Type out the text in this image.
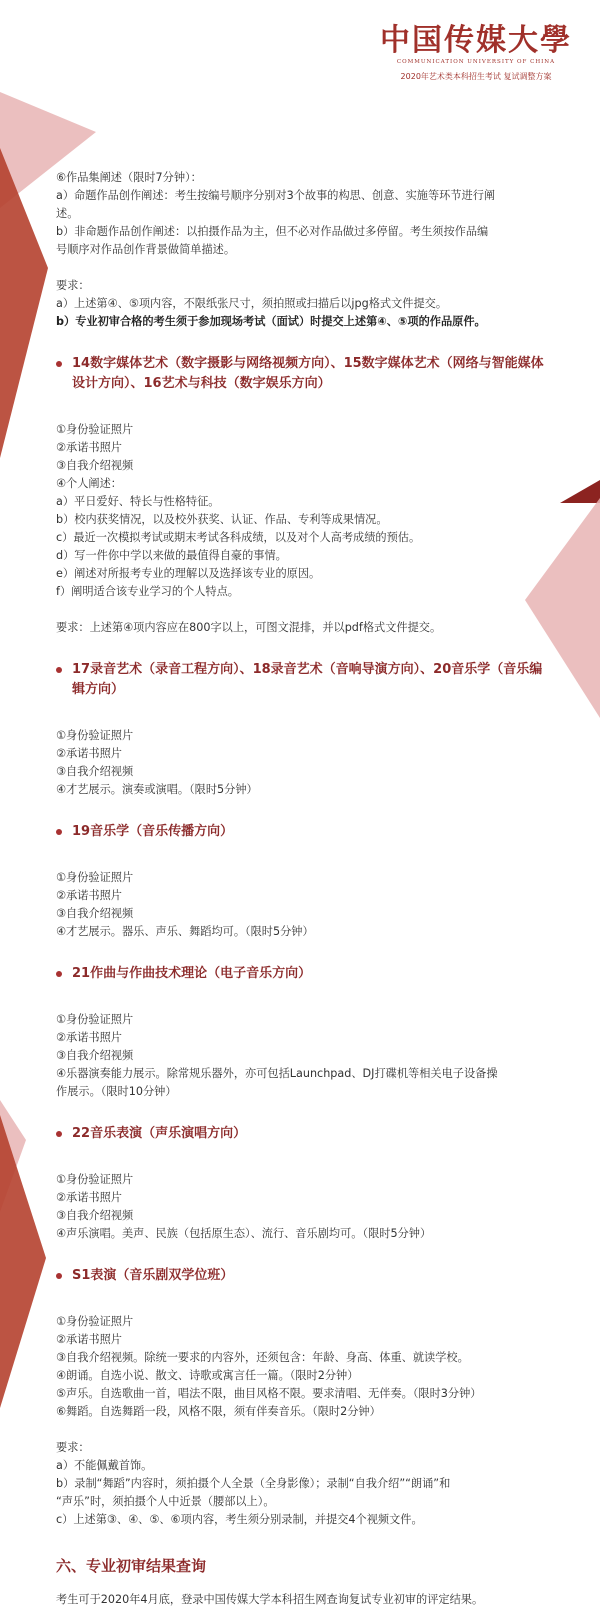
中国传媒大學
COMMUNICATION UNIVERSITY OF CHINA
2020年艺术类本科招生考试 复试调整方案

⑥作品集阐述（限时7分钟）：

a）命题作品创作阐述：考生按编号顺序分别对3个故事的构思、创意、实施等环节进行阐

述。

b）非命题作品创作阐述：以拍摄作品为主，但不必对作品做过多停留。考生须按作品编

号顺序对作品创作背景做简单描述。

要求：

a）上述第④、⑤项内容，不限纸张尺寸，须拍照或扫描后以jpg格式文件提交。

b）专业初审合格的考生须于参加现场考试（面试）时提交上述第④、⑤项的作品原件。

14数字媒体艺术（数字摄影与网络视频方向）、15数字媒体艺术（网络与智能媒体设计方向）、16艺术与科技（数字娱乐方向）

①身份验证照片

②承诺书照片

③自我介绍视频

④个人阐述：

a）平日爱好、特长与性格特征。

b）校内获奖情况，以及校外获奖、认证、作品、专利等成果情况。

c）最近一次模拟考试或期末考试各科成绩，以及对个人高考成绩的预估。

d）写一件你中学以来做的最值得自豪的事情。

e）阐述对所报考专业的理解以及选择该专业的原因。

f）阐明适合该专业学习的个人特点。

要求：上述第④项内容应在800字以上，可图文混排，并以pdf格式文件提交。

17录音艺术（录音工程方向）、18录音艺术（音响导演方向）、20音乐学（音乐编辑方向）

①身份验证照片

②承诺书照片

③自我介绍视频

④才艺展示。演奏或演唱。（限时5分钟）

19音乐学（音乐传播方向）

①身份验证照片

②承诺书照片

③自我介绍视频

④才艺展示。器乐、声乐、舞蹈均可。（限时5分钟）

21作曲与作曲技术理论（电子音乐方向）

①身份验证照片

②承诺书照片

③自我介绍视频

④乐器演奏能力展示。除常规乐器外，亦可包括Launchpad、DJ打碟机等相关电子设备操

作展示。（限时10分钟）

22音乐表演（声乐演唱方向）

①身份验证照片

②承诺书照片

③自我介绍视频

④声乐演唱。美声、民族（包括原生态）、流行、音乐剧均可。（限时5分钟）

S1表演（音乐剧双学位班）

①身份验证照片

②承诺书照片

③自我介绍视频。除统一要求的内容外，还须包含：年龄、身高、体重、就读学校。

④朗诵。自选小说、散文、诗歌或寓言任一篇。（限时2分钟）

⑤声乐。自选歌曲一首，唱法不限，曲目风格不限。要求清唱、无伴奏。（限时3分钟）

⑥舞蹈。自选舞蹈一段，风格不限，须有伴奏音乐。（限时2分钟）

要求：

a）不能佩戴首饰。

b）录制“舞蹈”内容时，须拍摄个人全景（全身影像）；录制“自我介绍”“朗诵”和

“声乐”时，须拍摄个人中近景（腰部以上）。

c）上述第③、④、⑤、⑥项内容，考生须分别录制，并提交4个视频文件。

六、专业初审结果查询

考生可于2020年4月底，登录中国传媒大学本科招生网查询复试专业初审的评定结果。
